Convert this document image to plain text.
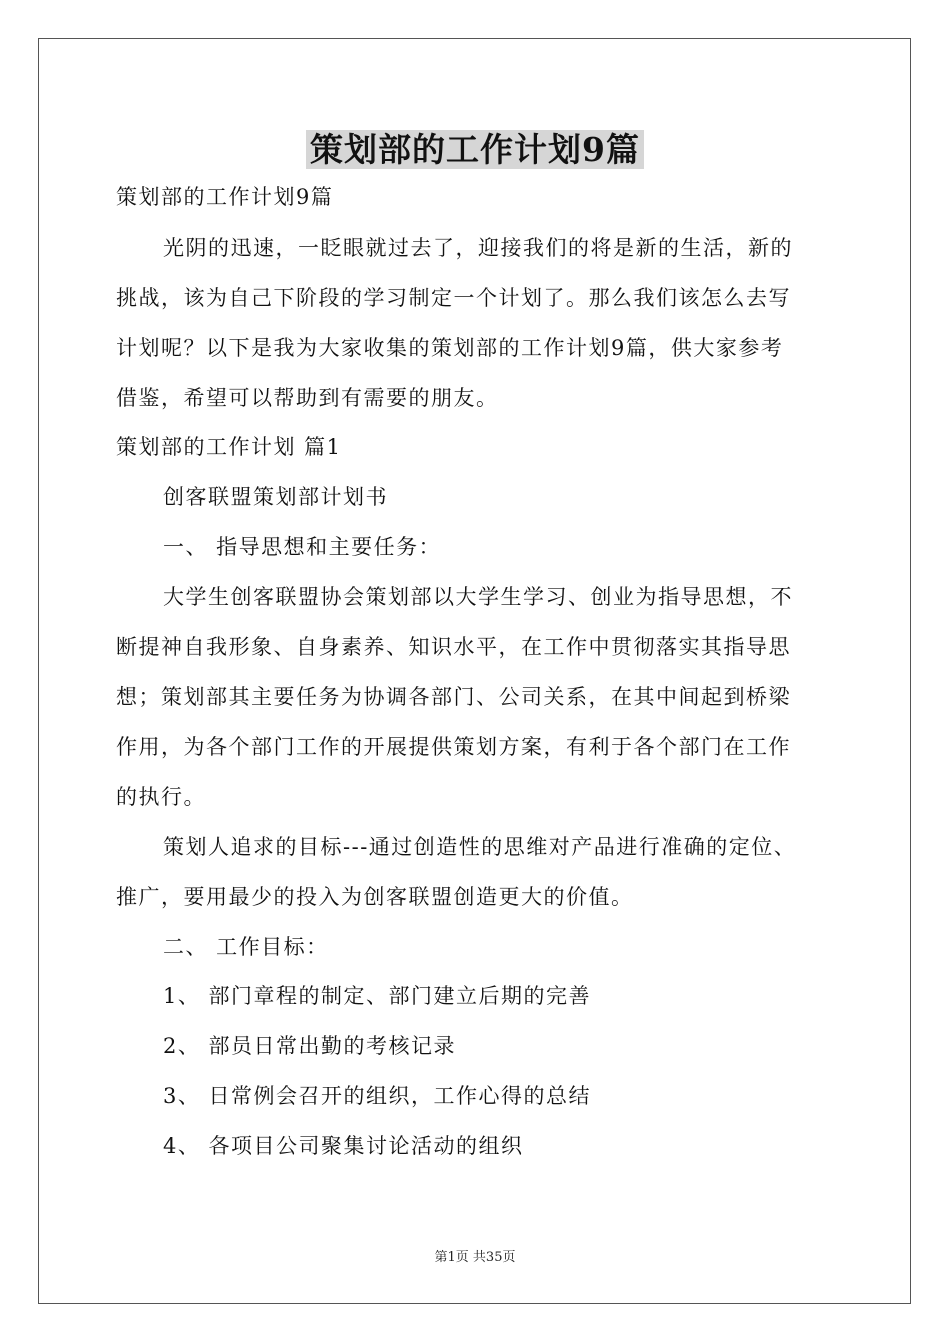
策划部的工作计划9篇
策划部的工作计划9篇
光阴的迅速，一眨眼就过去了，迎接我们的将是新的生活，新的
挑战，该为自己下阶段的学习制定一个计划了。那么我们该怎么去写
计划呢？以下是我为大家收集的策划部的工作计划9篇，供大家参考
借鉴，希望可以帮助到有需要的朋友。
策划部的工作计划 篇1
创客联盟策划部计划书
一、 指导思想和主要任务：
大学生创客联盟协会策划部以大学生学习、创业为指导思想，不
断提神自我形象、自身素养、知识水平，在工作中贯彻落实其指导思
想；策划部其主要任务为协调各部门、公司关系，在其中间起到桥梁
作用，为各个部门工作的开展提供策划方案，有利于各个部门在工作
的执行。
策划人追求的目标---通过创造性的思维对产品进行准确的定位、
推广，要用最少的投入为创客联盟创造更大的价值。
二、 工作目标：
1、 部门章程的制定、部门建立后期的完善
2、 部员日常出勤的考核记录
3、 日常例会召开的组织，工作心得的总结
4、 各项目公司聚集讨论活动的组织
第1页 共35页
